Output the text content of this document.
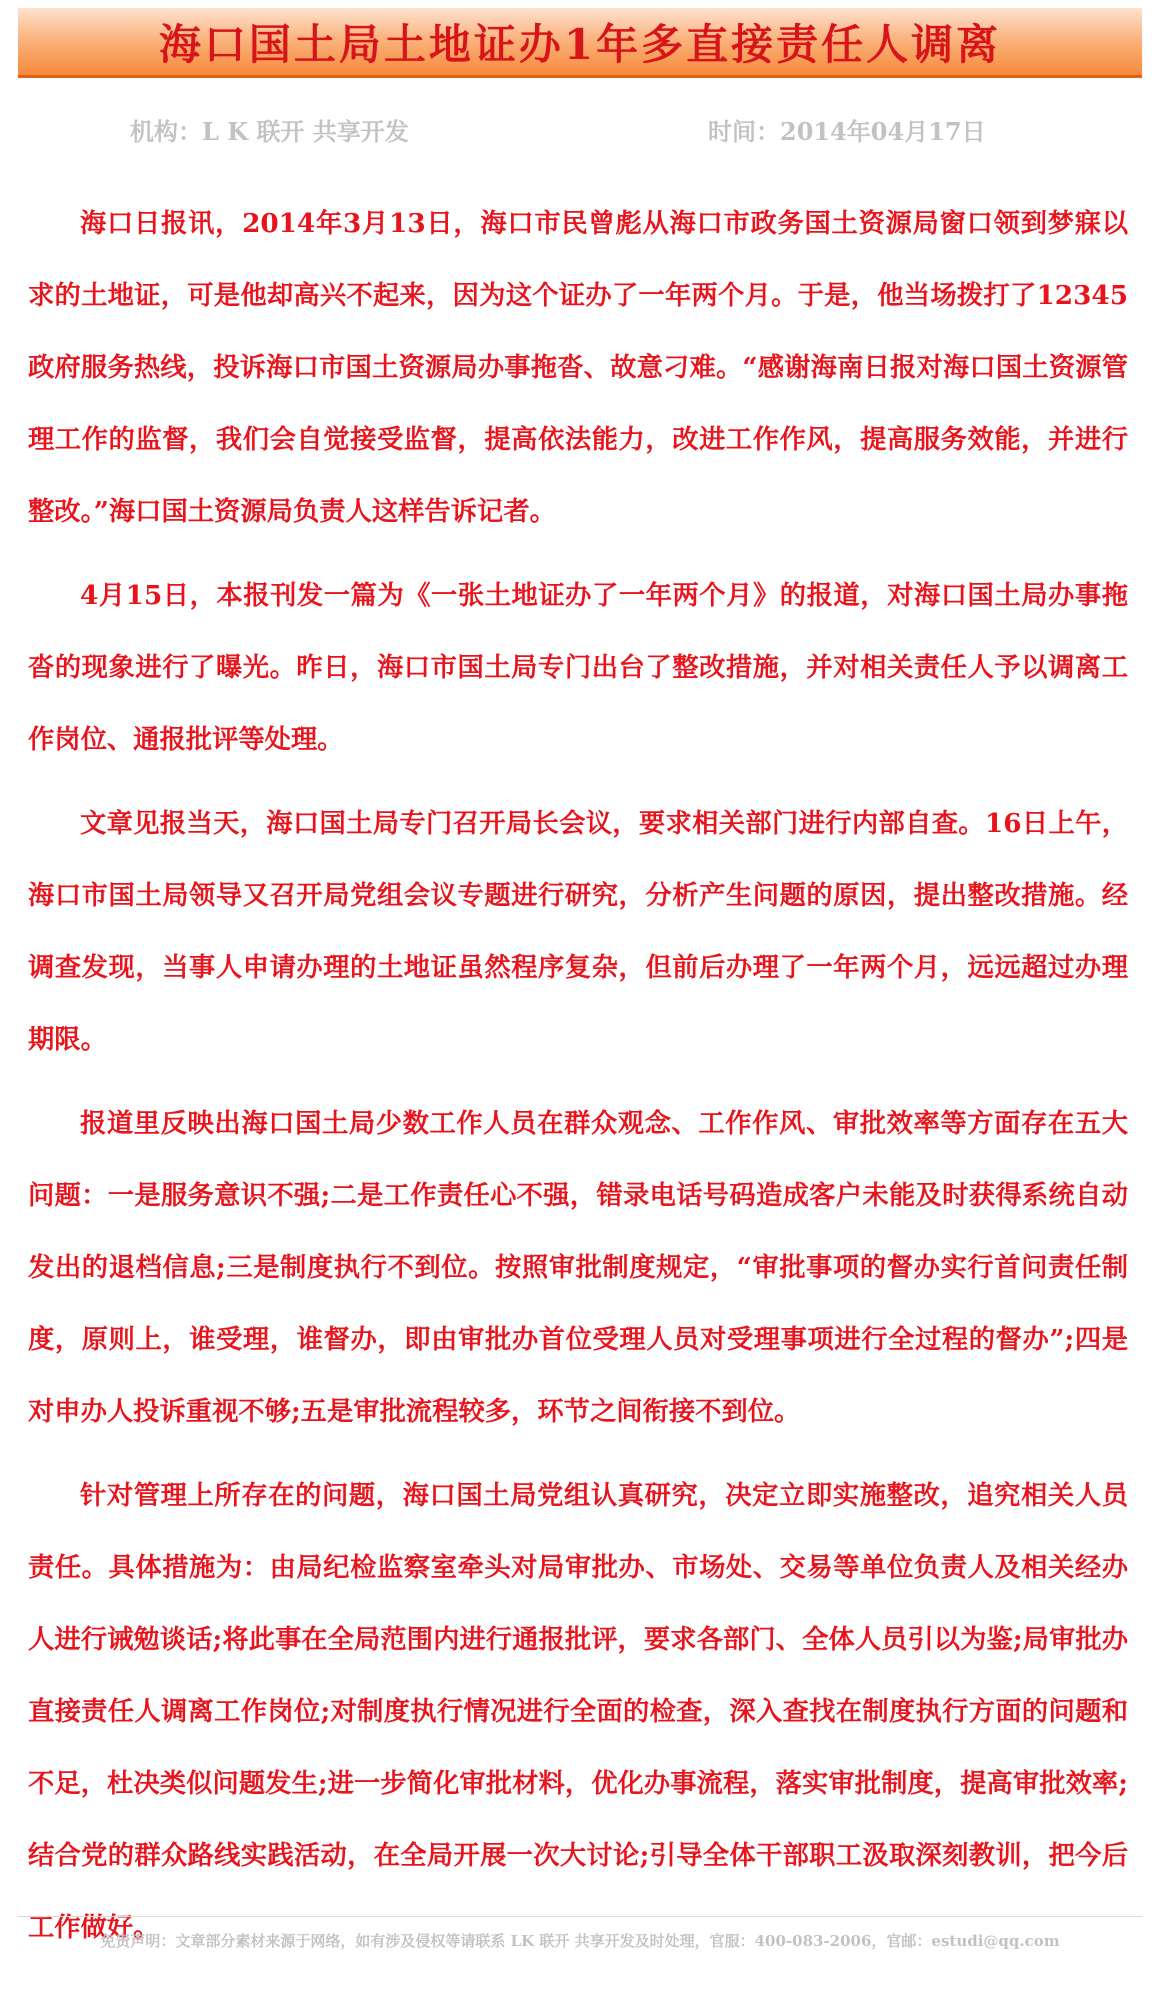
海口国土局土地证办1年多直接责任人调离
机构：L K 联开 共享开发	时间：2014年04月17日

海口日报讯，2014年3月13日，海口市民曾彪从海口市政务国土资源局窗口领到梦寐以求的土地证，可是他却高兴不起来，因为这个证办了一年两个月。于是，他当场拨打了12345政府服务热线，投诉海口市国土资源局办事拖沓、故意刁难。“感谢海南日报对海口国土资源管理工作的监督，我们会自觉接受监督，提高依法能力，改进工作作风，提高服务效能，并进行整改。”海口国土资源局负责人这样告诉记者。

4月15日，本报刊发一篇为《一张土地证办了一年两个月》的报道，对海口国土局办事拖沓的现象进行了曝光。昨日，海口市国土局专门出台了整改措施，并对相关责任人予以调离工作岗位、通报批评等处理。

文章见报当天，海口国土局专门召开局长会议，要求相关部门进行内部自查。16日上午，海口市国土局领导又召开局党组会议专题进行研究，分析产生问题的原因，提出整改措施。经调查发现，当事人申请办理的土地证虽然程序复杂，但前后办理了一年两个月，远远超过办理期限。

报道里反映出海口国土局少数工作人员在群众观念、工作作风、审批效率等方面存在五大问题：一是服务意识不强;二是工作责任心不强，错录电话号码造成客户未能及时获得系统自动发出的退档信息;三是制度执行不到位。按照审批制度规定，“审批事项的督办实行首问责任制度，原则上，谁受理，谁督办，即由审批办首位受理人员对受理事项进行全过程的督办”;四是对申办人投诉重视不够;五是审批流程较多，环节之间衔接不到位。

针对管理上所存在的问题，海口国土局党组认真研究，决定立即实施整改，追究相关人员责任。具体措施为：由局纪检监察室牵头对局审批办、市场处、交易等单位负责人及相关经办人进行诫勉谈话;将此事在全局范围内进行通报批评，要求各部门、全体人员引以为鉴;局审批办直接责任人调离工作岗位;对制度执行情况进行全面的检查，深入查找在制度执行方面的问题和不足，杜决类似问题发生;进一步简化审批材料，优化办事流程，落实审批制度，提高审批效率;结合党的群众路线实践活动，在全局开展一次大讨论;引导全体干部职工汲取深刻教训，把今后工作做好。

免责声明：文章部分素材来源于网络，如有涉及侵权等请联系 LK 联开 共享开发及时处理，官服：400-083-2006，官邮：estudi@qq.com
